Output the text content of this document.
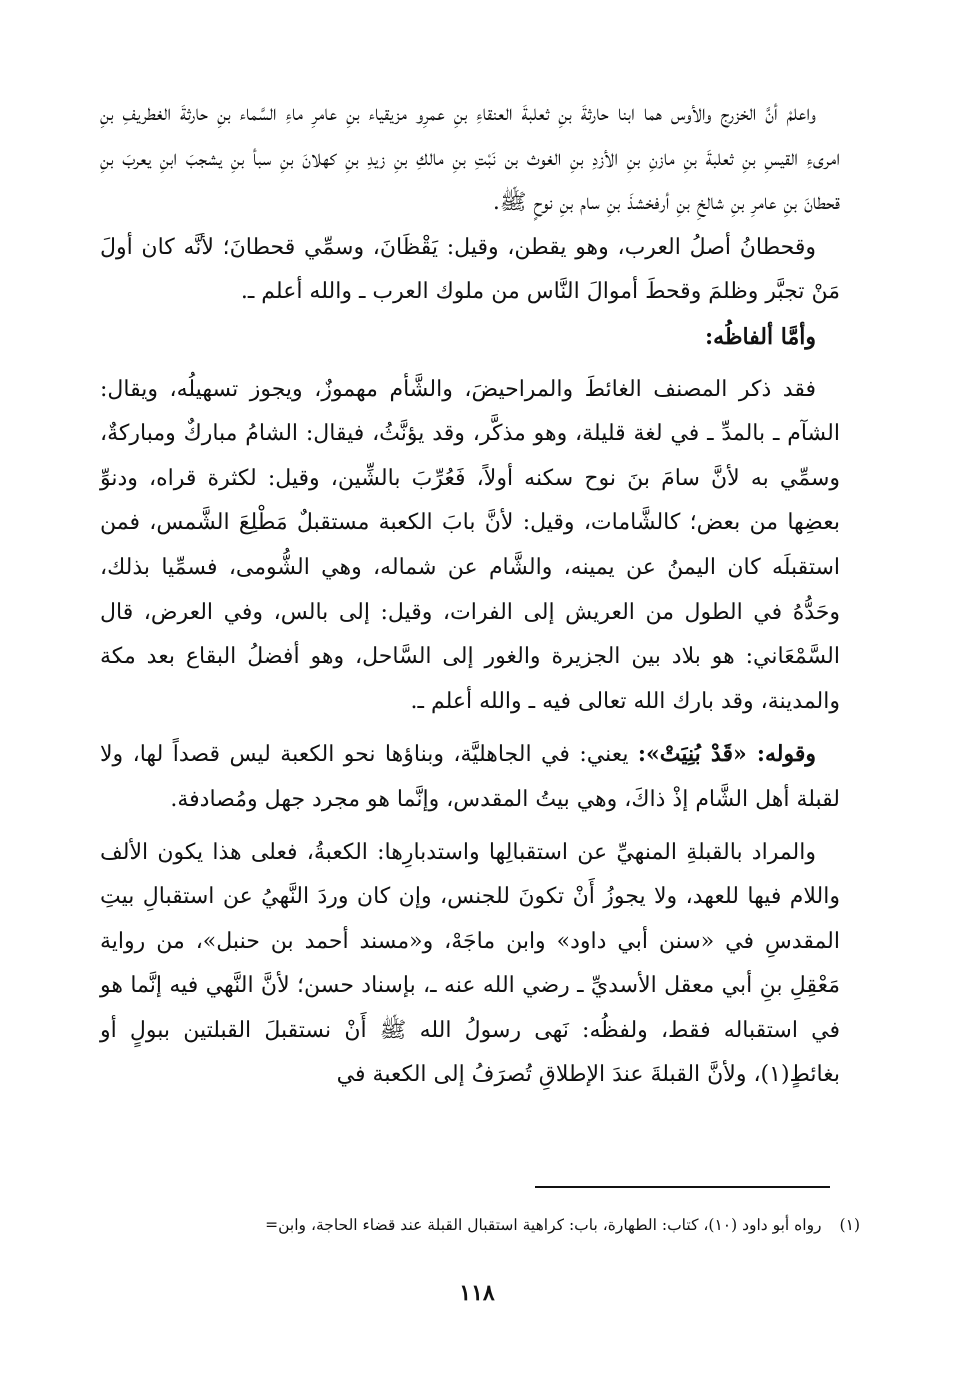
واعلمْ أنَّ الخزرج والأوس هما ابنا حارثةَ بنِ ثعلبةَ العنقاءِ بنِ عمرِو مزيقياء بنِ عامرِ ماءِ السَّماء بنِ حارثةَ الغطريفِ بنِ امرىءِ القيسِ بنِ ثعلبةَ بنِ مازنِ بنِ الأزدِ بنِ الغوث بن نَبْتِ بنِ مالكِ بنِ زيدِ بنِ كهلانَ بنِ سبأ بنِ يشجبَ ابنِ يعربَ بنِ قحطانَ بنِ عامرِ بنِ شالخِ بنِ أرفخشذَ بنِ سام بنِ نوحٍ ﷺ.

وقحطانُ أصلُ العرب، وهو يقطن، وقيل: يَقْظَانَ، وسمِّي قحطانَ؛ لأنَّه كان أولَ مَنْ تجبَّر وظلمَ وقحطَ أموالَ النَّاس من ملوك العرب ـ والله أعلم ـ.

وأمَّا ألفاظُه:

فقد ذكر المصنف الغائطَ والمراحيضَ، والشَّأم مهموزٌ، ويجوز تسهيلُه، ويقال: الشآم ـ بالمدِّ ـ في لغة قليلة، وهو مذكَّر، وقد يؤنَّثُ، فيقال: الشامُ مباركٌ ومباركةٌ، وسمِّي به لأنَّ سامَ بنَ نوح سكنه أولاً، فَعُرِّبَ بالشِّين، وقيل: لكثرة قراه، ودنوِّ بعضِها من بعض؛ كالشَّامات، وقيل: لأنَّ بابَ الكعبة مستقبلٌ مَطْلِعَ الشَّمس، فمن استقبلَه كان اليمنُ عن يمينه، والشَّام عن شماله، وهي الشُّومى، فسمِّيا بذلك، وحَدُّهُ في الطول من العريش إلى الفرات، وقيل: إلى بالس، وفي العرض، قال السَّمْعَاني: هو بلاد بين الجزيرة والغور إلى السَّاحل، وهو أفضلُ البقاع بعد مكة والمدينة، وقد بارك الله تعالى فيه ـ والله أعلم ـ.

وقوله: «قَدْ بُنِيَتْ»: يعني: في الجاهليَّة، وبناؤها نحو الكعبة ليس قصداً لها، ولا لقبلة أهل الشَّام إذْ ذاكَ، وهي بيتُ المقدس، وإنَّما هو مجرد جهل ومُصادفة.

والمراد بالقبلةِ المنهيِّ عن استقبالِها واستدبارِها: الكعبةُ، فعلى هذا يكون الألف واللام فيها للعهد، ولا يجوزُ أَنْ تكونَ للجنس، وإن كان وردَ النَّهيُ عن استقبالِ بيتِ المقدسِ في «سنن أبي داود» وابن ماجَهْ، و«مسند أحمد بن حنبل»، من رواية مَعْقِلِ بنِ أبي معقل الأسديِّ ـ رضي الله عنه ـ، بإسناد حسن؛ لأنَّ النَّهي فيه إنَّما هو في استقباله فقط، ولفظُه: نَهى رسولُ الله ﷺ أَنْ نستقبلَ القبلتين ببولٍ أو بغائطٍ(١)، ولأنَّ القبلةَ عندَ الإطلاقِ تُصرَفُ إلى الكعبة في

(١)رواه أبو داود (١٠)، كتاب: الطهارة، باب: كراهية استقبال القبلة عند قضاء الحاجة، وابن=
١١٨
